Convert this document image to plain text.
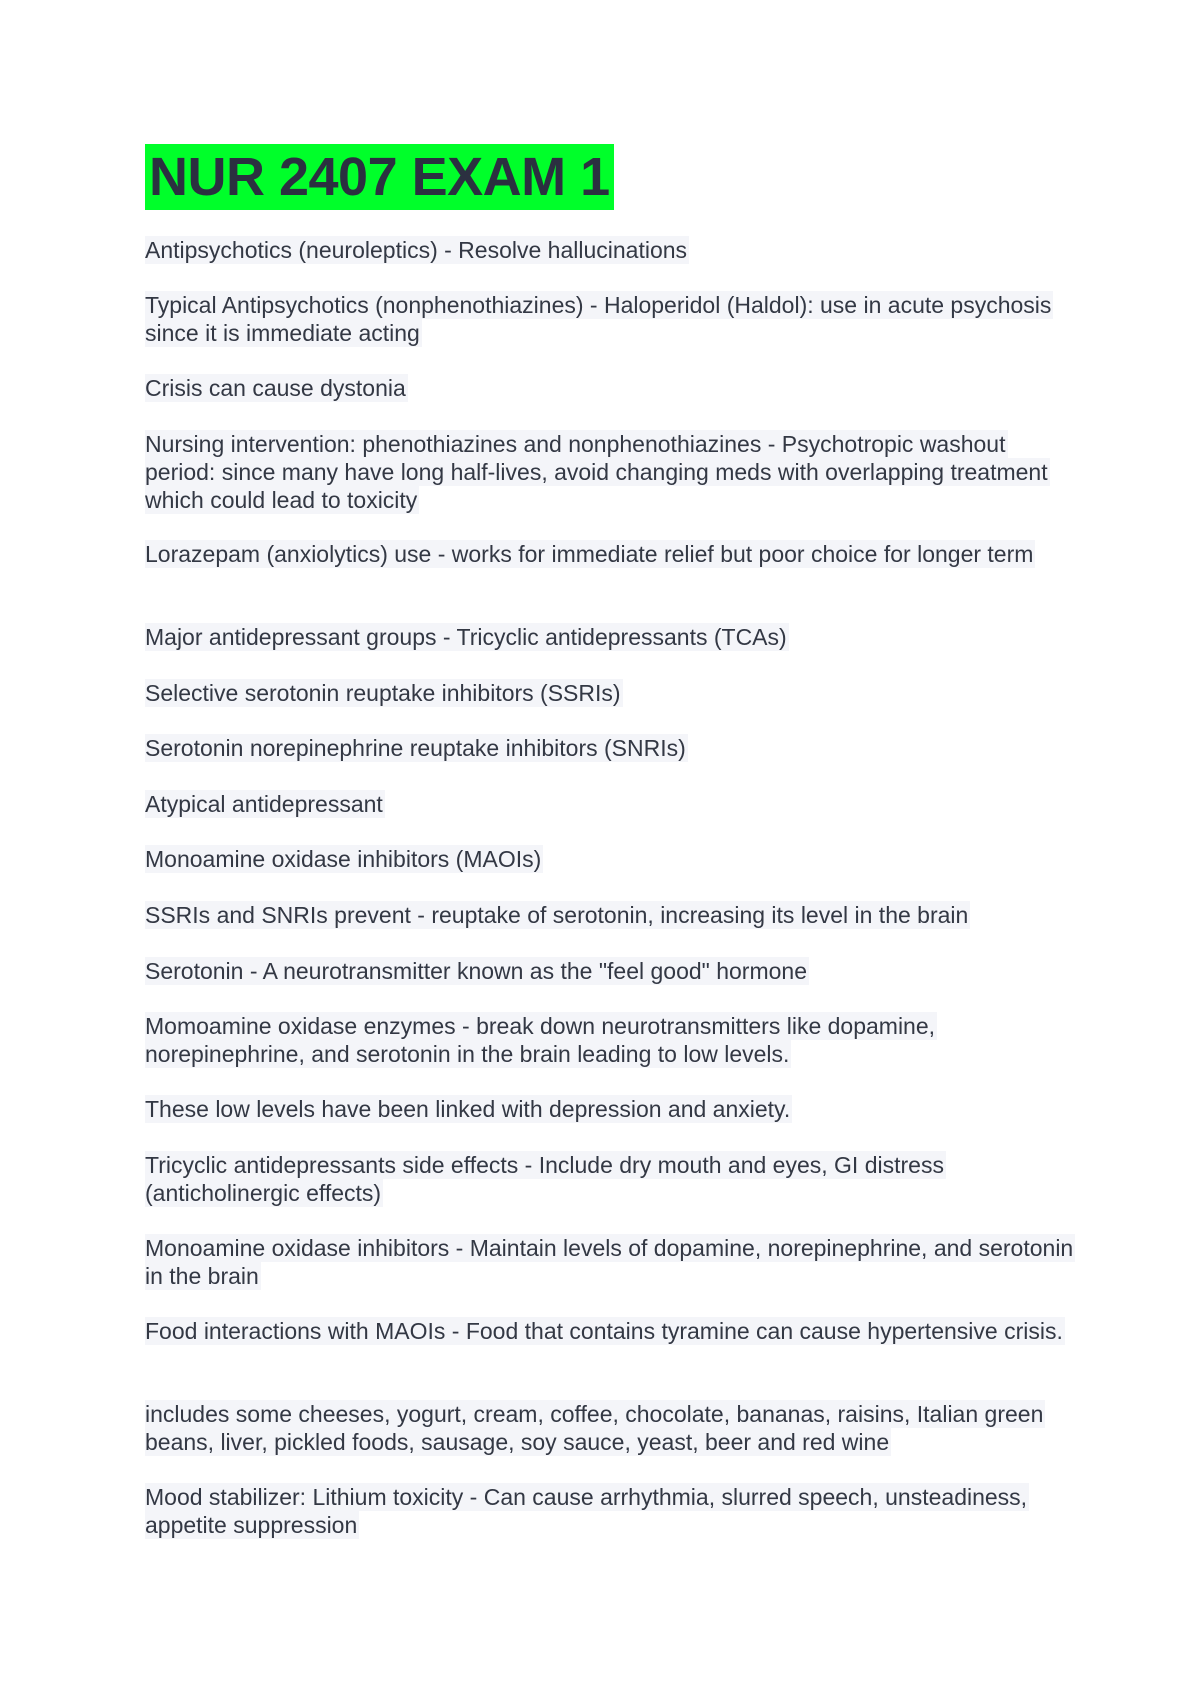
NUR 2407 EXAM 1
Antipsychotics (neuroleptics) - Resolve hallucinations
Typical Antipsychotics (nonphenothiazines) - Haloperidol (Haldol): use in acute psychosis since it is immediate acting
Crisis can cause dystonia
Nursing intervention: phenothiazines and nonphenothiazines - Psychotropic washout period: since many have long half-lives, avoid changing meds with overlapping treatment which could lead to toxicity
Lorazepam (anxiolytics) use - works for immediate relief but poor choice for longer term
Major antidepressant groups - Tricyclic antidepressants (TCAs)
Selective serotonin reuptake inhibitors (SSRIs)
Serotonin norepinephrine reuptake inhibitors (SNRIs)
Atypical antidepressant
Monoamine oxidase inhibitors (MAOIs)
SSRIs and SNRIs prevent - reuptake of serotonin, increasing its level in the brain
Serotonin - A neurotransmitter known as the "feel good" hormone
Momoamine oxidase enzymes - break down neurotransmitters like dopamine, norepinephrine, and serotonin in the brain leading to low levels.
These low levels have been linked with depression and anxiety.
Tricyclic antidepressants side effects - Include dry mouth and eyes, GI distress (anticholinergic effects)
Monoamine oxidase inhibitors - Maintain levels of dopamine, norepinephrine, and serotonin in the brain
Food interactions with MAOIs - Food that contains tyramine can cause hypertensive crisis.
includes some cheeses, yogurt, cream, coffee, chocolate, bananas, raisins, Italian green beans, liver, pickled foods, sausage, soy sauce, yeast, beer and red wine
Mood stabilizer: Lithium toxicity - Can cause arrhythmia, slurred speech, unsteadiness, appetite suppression
